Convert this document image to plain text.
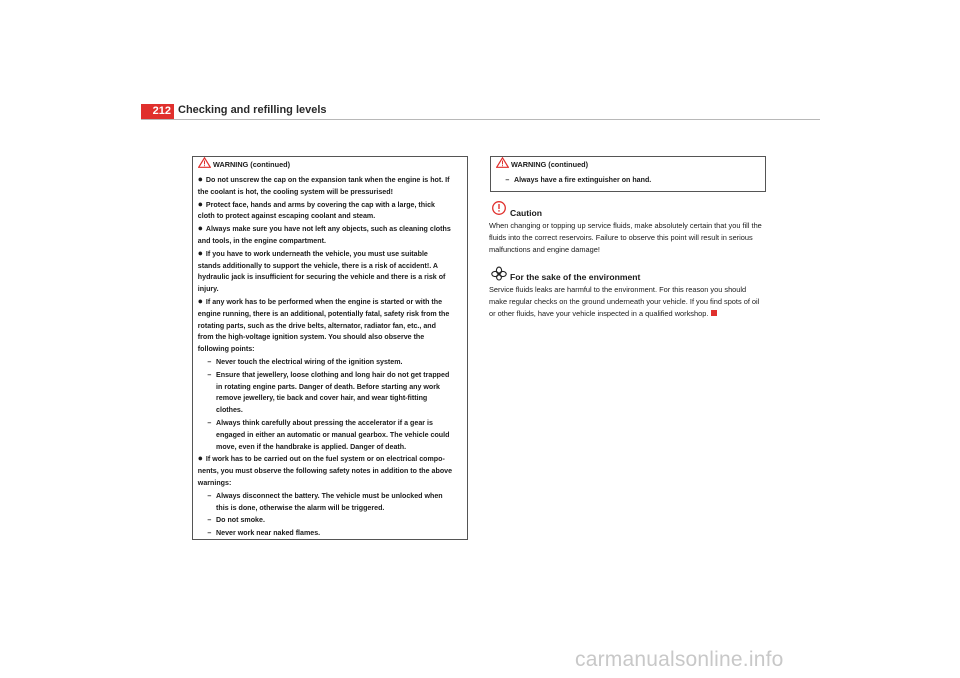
212 Checking and refilling levels
WARNING (continued)
● Do not unscrew the cap on the expansion tank when the engine is hot. If the coolant is hot, the cooling system will be pressurised!
● Protect face, hands and arms by covering the cap with a large, thick cloth to protect against escaping coolant and steam.
● Always make sure you have not left any objects, such as cleaning cloths and tools, in the engine compartment.
● If you have to work underneath the vehicle, you must use suitable stands additionally to support the vehicle, there is a risk of accident!. A hydraulic jack is insufficient for securing the vehicle and there is a risk of injury.
● If any work has to be performed when the engine is started or with the engine running, there is an additional, potentially fatal, safety risk from the rotating parts, such as the drive belts, alternator, radiator fan, etc., and from the high-voltage ignition system. You should also observe the following points:
– Never touch the electrical wiring of the ignition system.
– Ensure that jewellery, loose clothing and long hair do not get trapped in rotating engine parts. Danger of death. Before starting any work remove jewellery, tie back and cover hair, and wear tight-fitting clothes.
– Always think carefully about pressing the accelerator if a gear is engaged in either an automatic or manual gearbox. The vehicle could move, even if the handbrake is applied. Danger of death.
● If work has to be carried out on the fuel system or on electrical compo-nents, you must observe the following safety notes in addition to the above warnings:
– Always disconnect the battery. The vehicle must be unlocked when this is done, otherwise the alarm will be triggered.
– Do not smoke.
– Never work near naked flames.
WARNING (continued)
– Always have a fire extinguisher on hand.
Caution
When changing or topping up service fluids, make absolutely certain that you fill the fluids into the correct reservoirs. Failure to observe this point will result in serious malfunctions and engine damage!
For the sake of the environment
Service fluids leaks are harmful to the environment. For this reason you should make regular checks on the ground underneath your vehicle. If you find spots of oil or other fluids, have your vehicle inspected in a qualified workshop.
carmanualsonline.info
